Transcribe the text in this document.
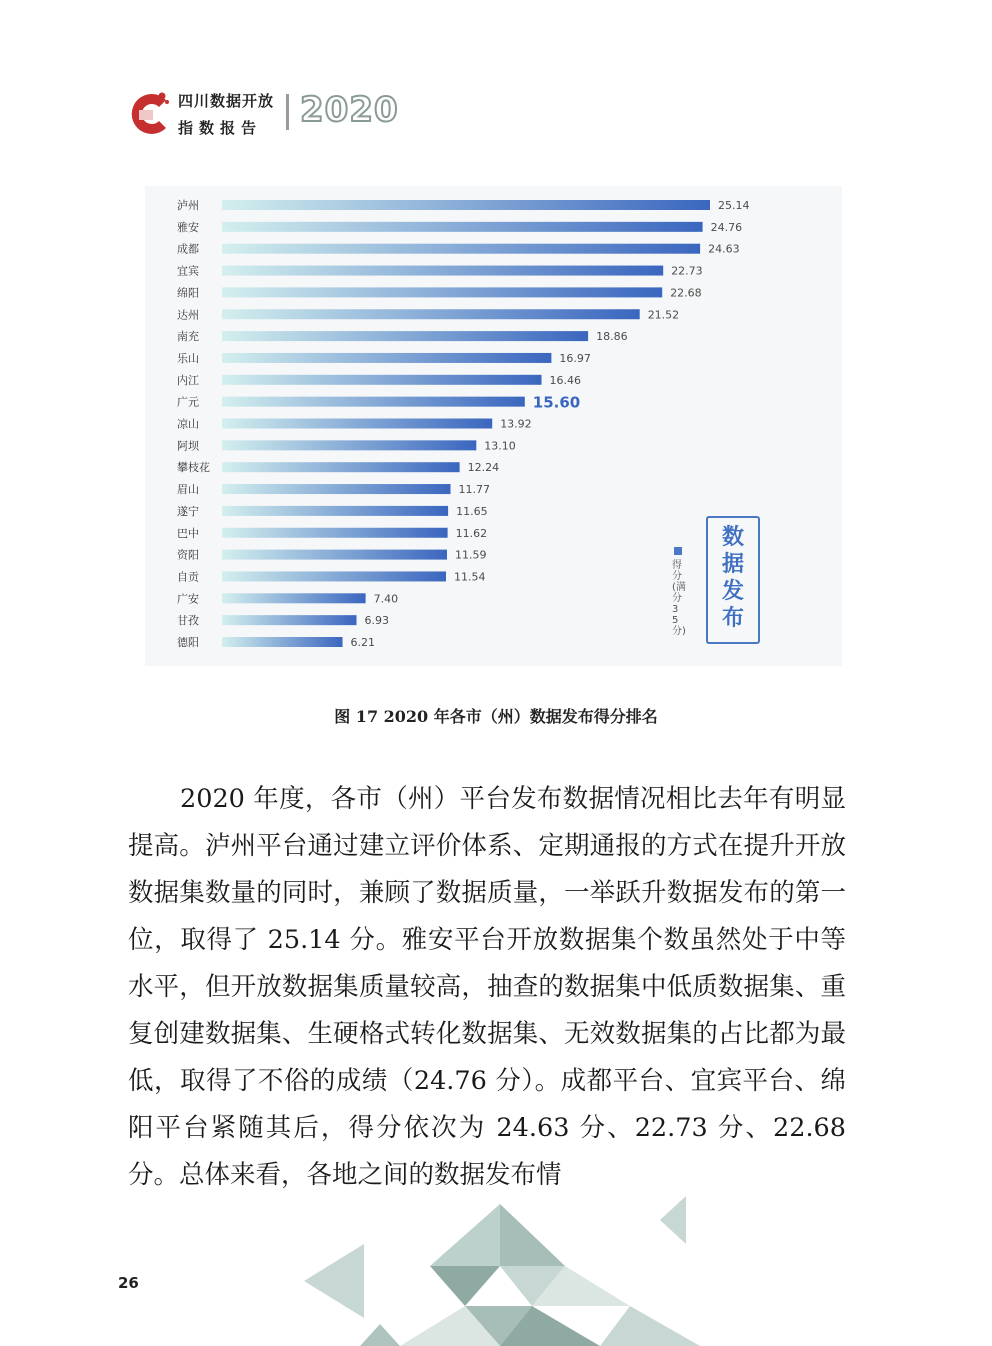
四川数据开放
指数报告	2020
泸州	25.14
雅安	24.76
成都	24.63
宜宾	22.73
绵阳	22.68
达州	21.52
南充	18.86
乐山	16.97
内江	16.46
广元	15.60
凉山	13.92
阿坝	13.10
攀枝花	12.24
眉山	11.77
遂宁	11.65
巴中	11.62
资阳	11.59
自贡	11.54
广安	7.40
甘孜	6.93
德阳	6.21
数据发布
得分(满分35分)
图 17 2020 年各市（州）数据发布得分排名

2020 年度，各市（州）平台发布数据情况相比去年有明显提高。泸州平台通过建立评价体系、定期通报的方式在提升开放数据集数量的同时，兼顾了数据质量，一举跃升数据发布的第一位，取得了 25.14 分。雅安平台开放数据集个数虽然处于中等水平，但开放数据集质量较高，抽查的数据集中低质数据集、重复创建数据集、生硬格式转化数据集、无效数据集的占比都为最低，取得了不俗的成绩（24.76 分）。成都平台、宜宾平台、绵阳平台紧随其后，得分依次为 24.63 分、22.73 分、22.68 分。总体来看，各地之间的数据发布情

26
